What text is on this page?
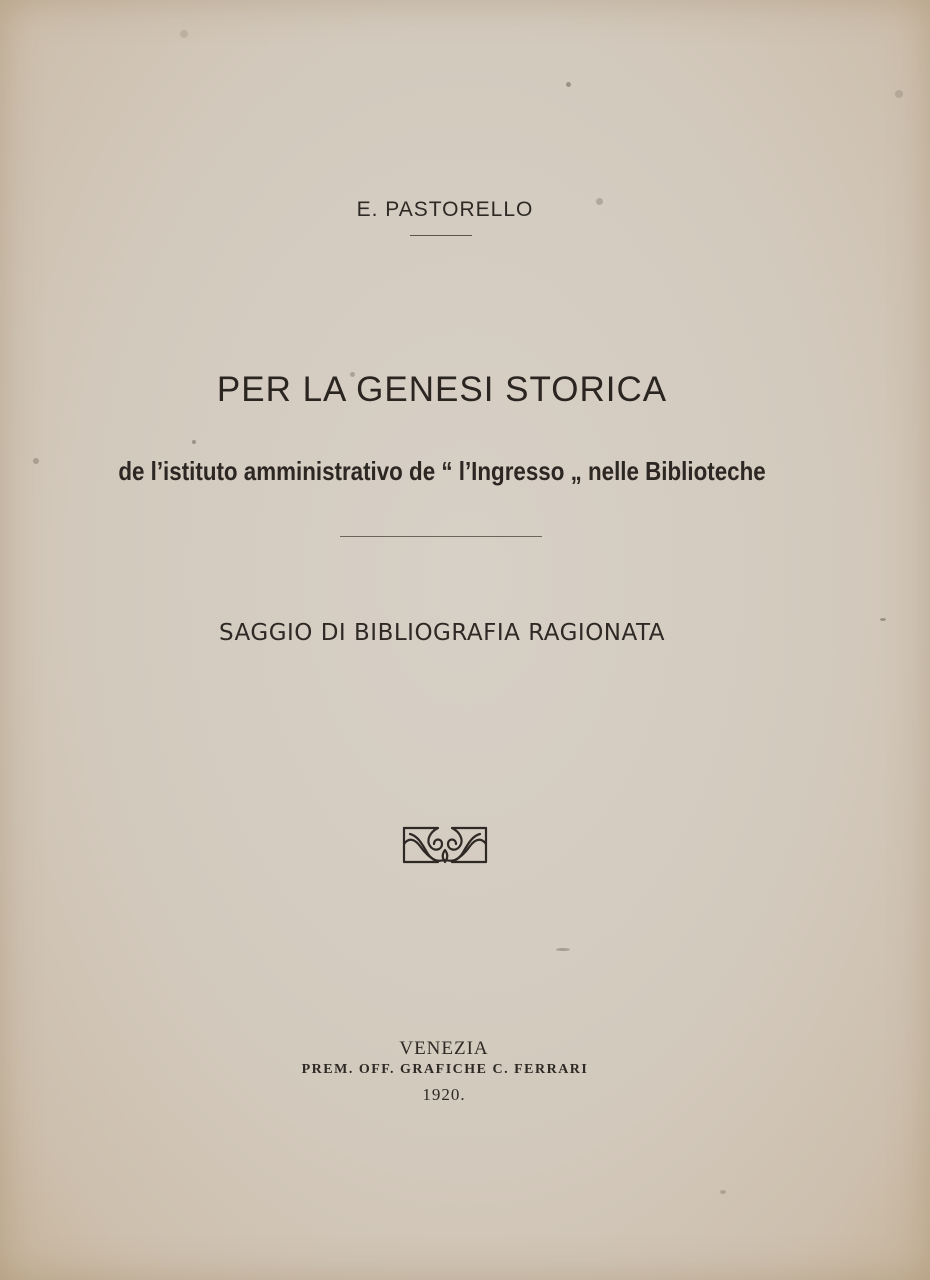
E. PASTORELLO
PER LA GENESI STORICA
de l’istituto amministrativo de “ l’Ingresso „ nelle Biblioteche
SAGGIO DI BIBLIOGRAFIA RAGIONATA
VENEZIA
PREM. OFF. GRAFICHE C. FERRARI
1920.
